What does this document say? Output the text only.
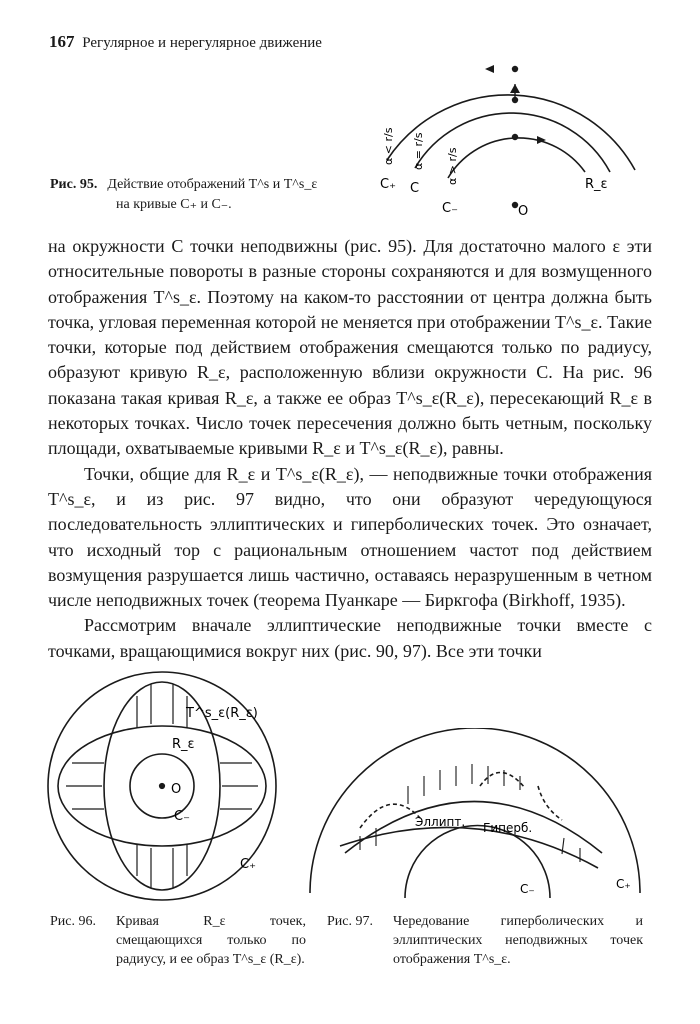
167 Регулярное и нерегулярное движение
O
R_ε
C₊ C
C₋
α < r/s α = r/s α > r/s
Рис. 95. Действие отображений T^s и T^s_ε
на кривые C₊ и C₋.

на окружности C точки неподвижны (рис. 95). Для достаточно малого ε эти относительные повороты в разные стороны сохраняются и для возмущенного отображения T^s_ε. Поэтому на каком-то расстоянии от центра должна быть точка, угловая переменная которой не меняется при отображении T^s_ε. Такие точки, которые под действием отображения смещаются только по радиусу, образуют кривую R_ε, расположенную вблизи окружности C. На рис. 96 показана такая кривая R_ε, а также ее образ T^s_ε(R_ε), пересекающий R_ε в некоторых точках. Число точек пересечения должно быть четным, поскольку площади, охватываемые кривыми R_ε и T^s_ε(R_ε), равны.

Точки, общие для R_ε и T^s_ε(R_ε), — неподвижные точки отображения T^s_ε, и из рис. 97 видно, что они образуют чередующуюся последовательность эллиптических и гиперболических точек. Это означает, что исходный тор с рациональным отношением частот под действием возмущения разрушается лишь частично, оставаясь неразрушенным в четном числе неподвижных точек (теорема Пуанкаре — Биркгофа (Birkhoff, 1935).

Рассмотрим вначале эллиптические неподвижные точки вместе с точками, вращающимися вокруг них (рис. 90, 97). Все эти точки

O
T^s_ε(R_ε)
R_ε
C₋
C₊
Эллипт. Гиперб.
C₋	C₊
Рис. 96. Кривая R_ε точек, смещающихся только по радиусу, и ее образ T^s_ε (R_ε).
Рис. 97. Чередование гиперболических и эллиптических неподвижных точек отображения T^s_ε.
